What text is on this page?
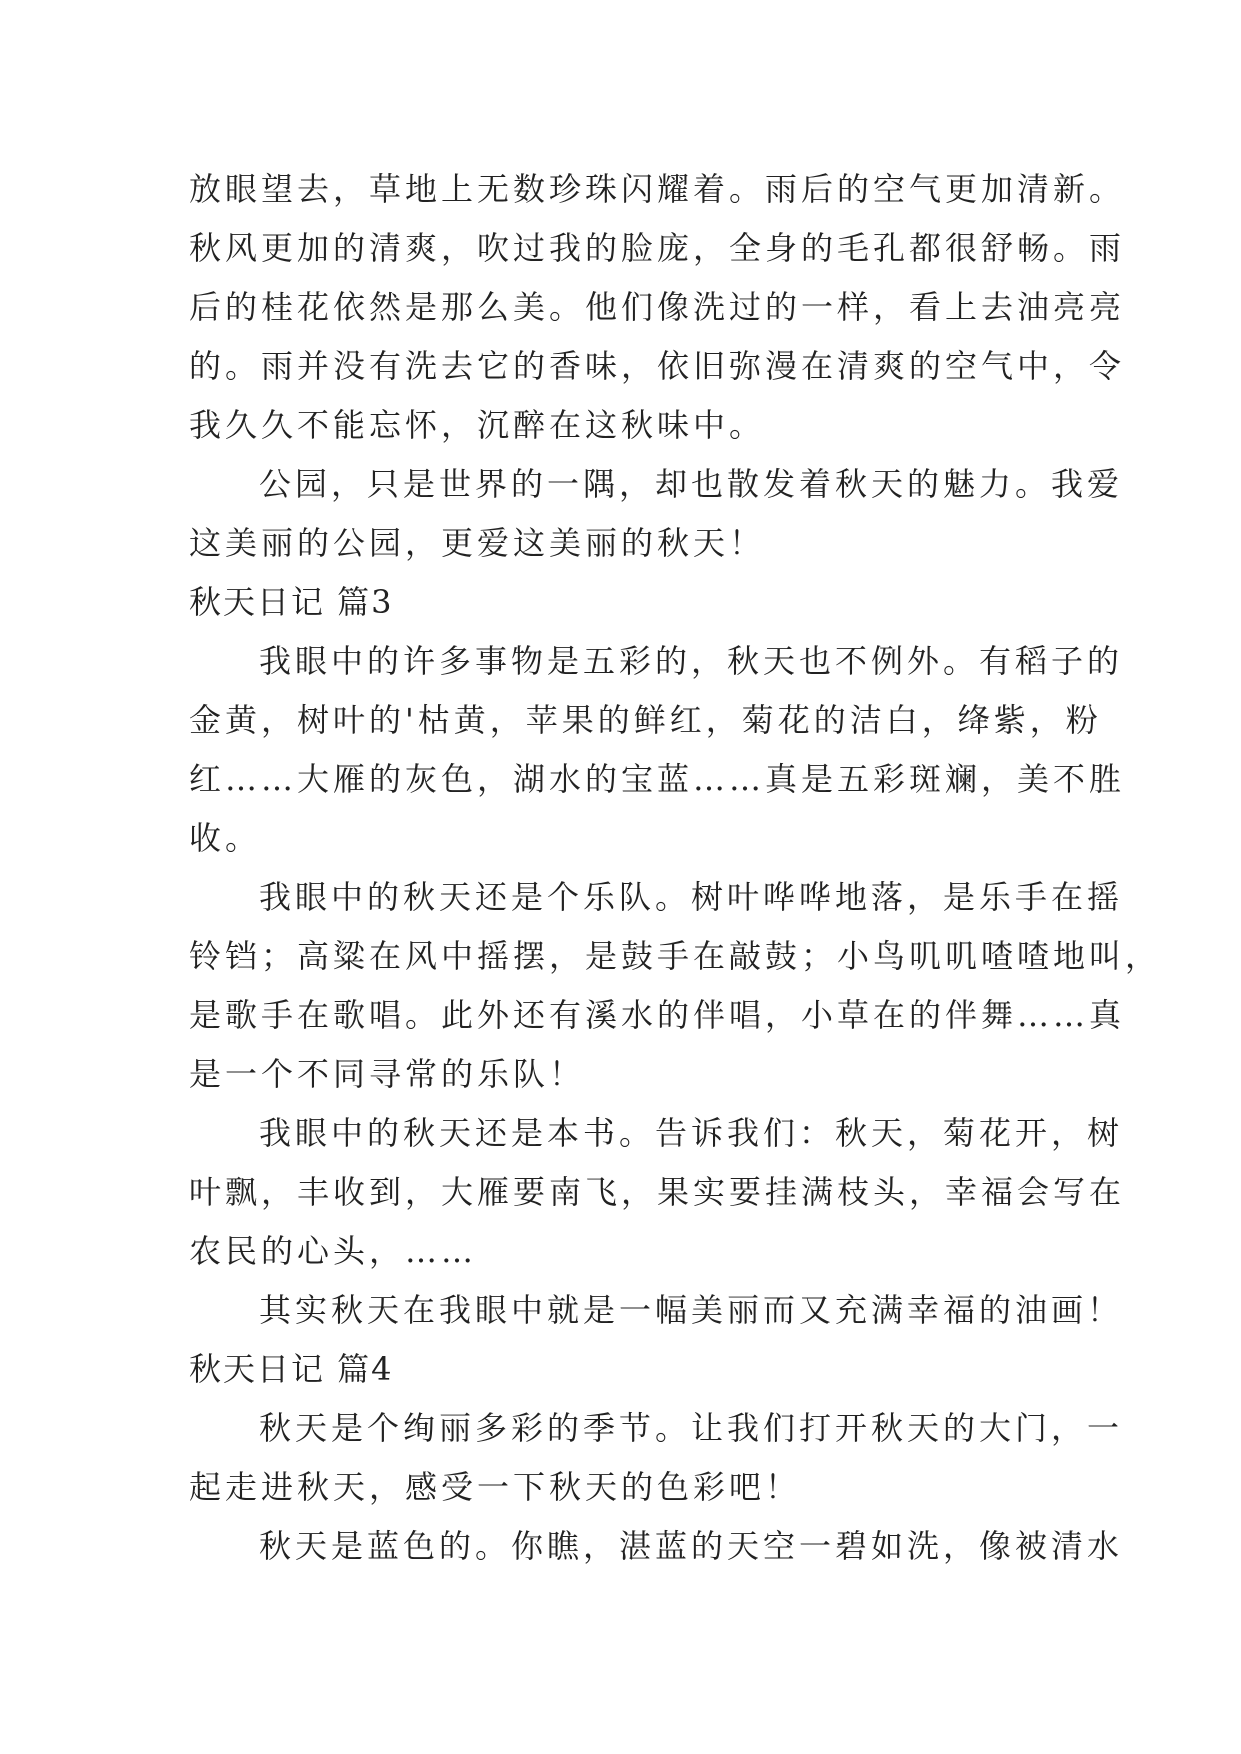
放眼望去，草地上无数珍珠闪耀着。雨后的空气更加清新。
秋风更加的清爽，吹过我的脸庞，全身的毛孔都很舒畅。雨
后的桂花依然是那么美。他们像洗过的一样，看上去油亮亮
的。雨并没有洗去它的香味，依旧弥漫在清爽的空气中，令
我久久不能忘怀，沉醉在这秋味中。
公园，只是世界的一隅，却也散发着秋天的魅力。我爱
这美丽的公园，更爱这美丽的秋天！
秋天日记 篇3
我眼中的许多事物是五彩的，秋天也不例外。有稻子的
金黄，树叶的'枯黄，苹果的鲜红，菊花的洁白，绛紫，粉
红……大雁的灰色，湖水的宝蓝……真是五彩斑斓，美不胜
收。
我眼中的秋天还是个乐队。树叶哗哗地落，是乐手在摇
铃铛；高粱在风中摇摆，是鼓手在敲鼓；小鸟叽叽喳喳地叫，
是歌手在歌唱。此外还有溪水的伴唱，小草在的伴舞……真
是一个不同寻常的乐队！
我眼中的秋天还是本书。告诉我们：秋天，菊花开，树
叶飘，丰收到，大雁要南飞，果实要挂满枝头，幸福会写在
农民的心头，……
其实秋天在我眼中就是一幅美丽而又充满幸福的油画！
秋天日记 篇4
秋天是个绚丽多彩的季节。让我们打开秋天的大门，一
起走进秋天，感受一下秋天的色彩吧！
秋天是蓝色的。你瞧，湛蓝的天空一碧如洗，像被清水
